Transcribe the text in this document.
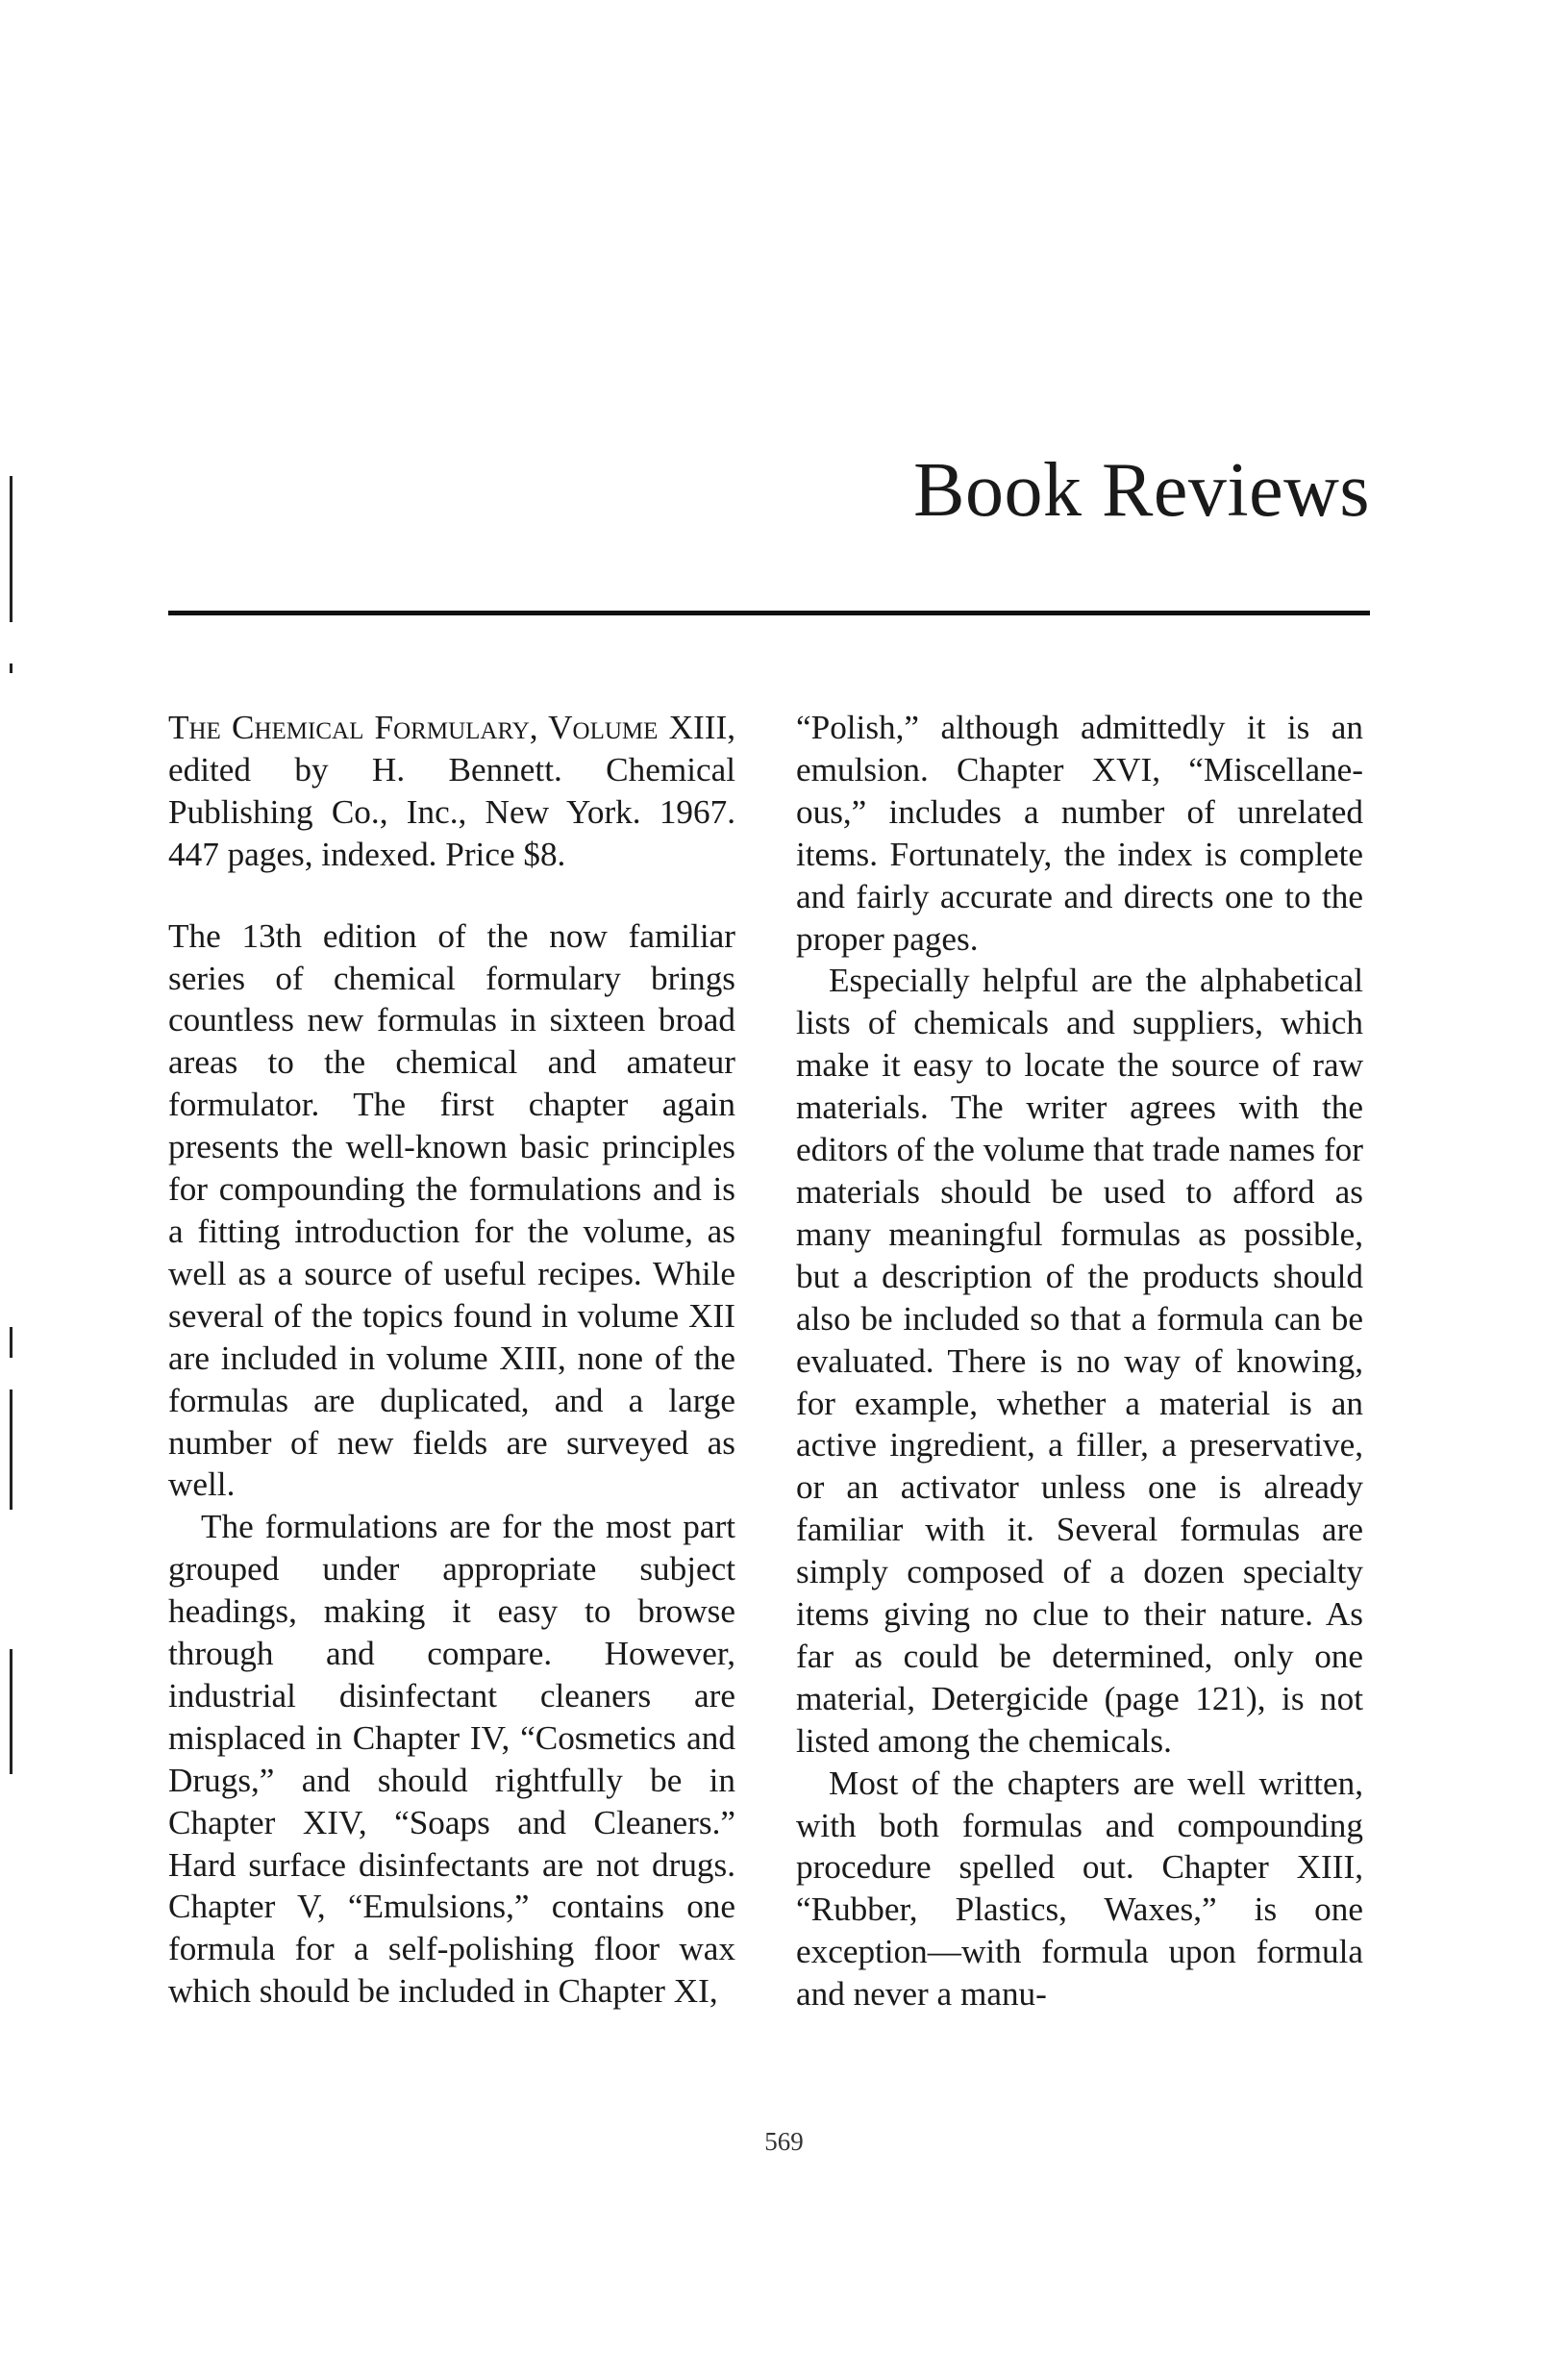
Book Reviews

The Chemical Formulary, Volume XIII, edited by H. Bennett. Chemical Publishing Co., Inc., New York. 1967. 447 pages, indexed. Price $8.

The 13th edition of the now familiar series of chemical formulary brings countless new formulas in sixteen broad areas to the chemical and amateur formulator. The first chapter again presents the well-known basic principles for compounding the formulations and is a fitting introduction for the volume, as well as a source of useful recipes. While several of the topics found in volume XII are included in volume XIII, none of the formulas are duplicated, and a large number of new fields are surveyed as well.

The formulations are for the most part grouped under appropriate subject headings, making it easy to browse through and compare. However, industrial disinfectant cleaners are misplaced in Chapter IV, “Cosmetics and Drugs,” and should rightfully be in Chapter XIV, “Soaps and Cleaners.” Hard surface disinfectants are not drugs. Chapter V, “Emulsions,” contains one formula for a self-polishing floor wax which should be included in Chapter XI,

“Polish,” although admittedly it is an emulsion. Chapter XVI, “Miscellaneous,” includes a number of unrelated items. Fortunately, the index is complete and fairly accurate and directs one to the proper pages.

Especially helpful are the alphabetical lists of chemicals and suppliers, which make it easy to locate the source of raw materials. The writer agrees with the editors of the volume that trade names for materials should be used to afford as many meaningful formulas as possible, but a description of the products should also be included so that a formula can be evaluated. There is no way of knowing, for example, whether a material is an active ingredient, a filler, a preservative, or an activator unless one is already familiar with it. Several formulas are simply composed of a dozen specialty items giving no clue to their nature. As far as could be determined, only one material, Detergicide (page 121), is not listed among the chemicals.

Most of the chapters are well written, with both formulas and compounding procedure spelled out. Chapter XIII, “Rubber, Plastics, Waxes,” is one exception—with formula upon formula and never a manu-

569
